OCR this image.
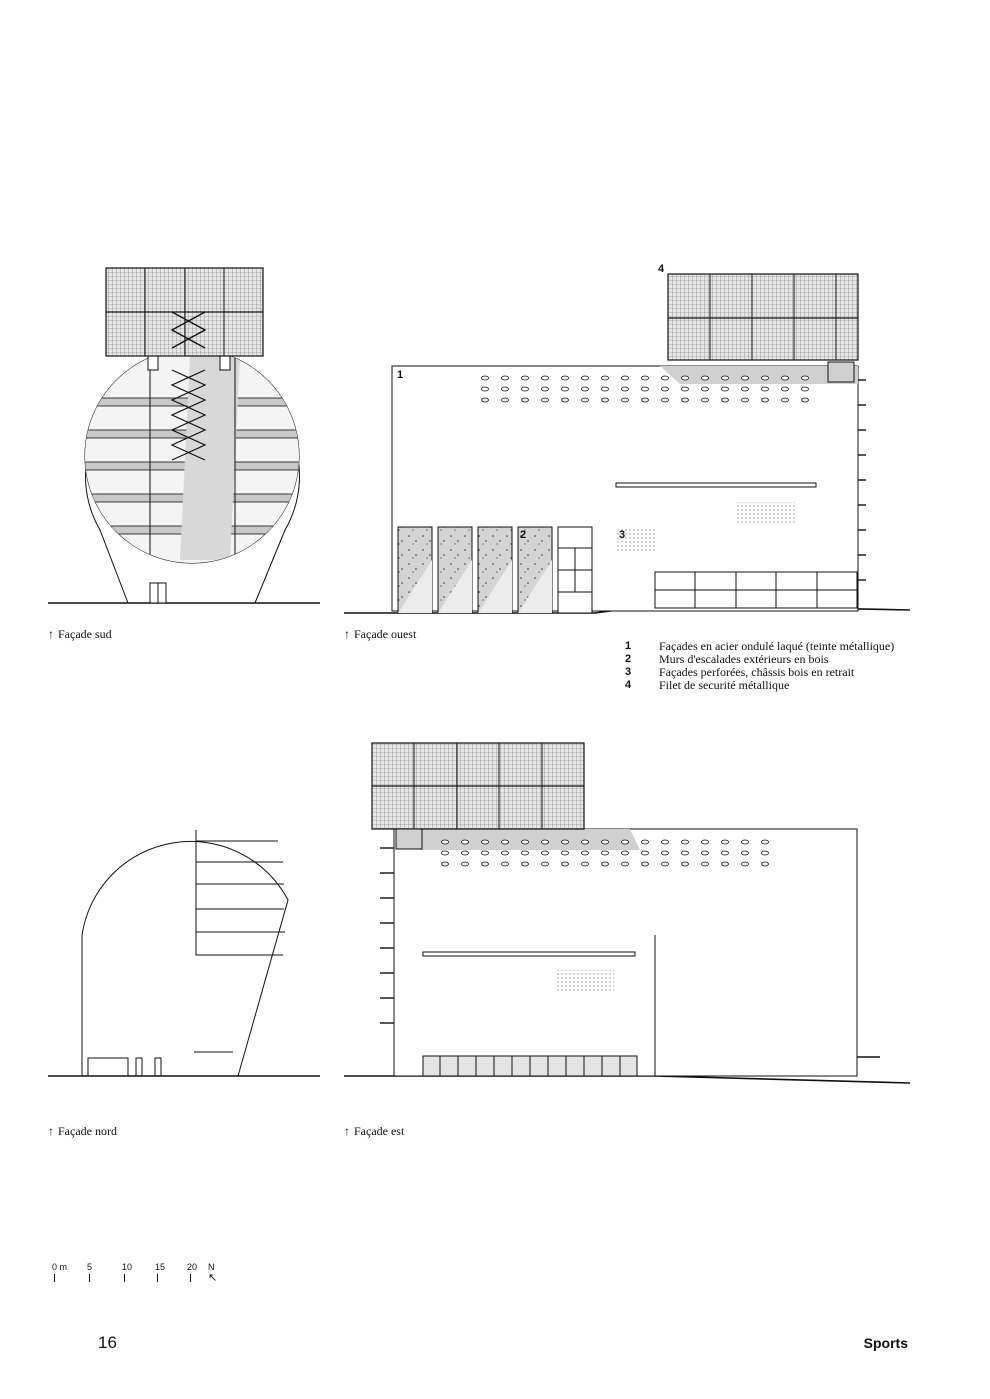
↑ Façade sud	↑ Façade ouest
↑ Façade nord	↑ Façade est
1
2	3
4
1	Façades en acier ondulé laqué (teinte métallique)
2	Murs d'escalades extérieurs en bois
3	Façades perforées, châssis bois en retrait
4	Filet de securité métallique
0 m 5	10	15 20 N
↖
16	Sports
